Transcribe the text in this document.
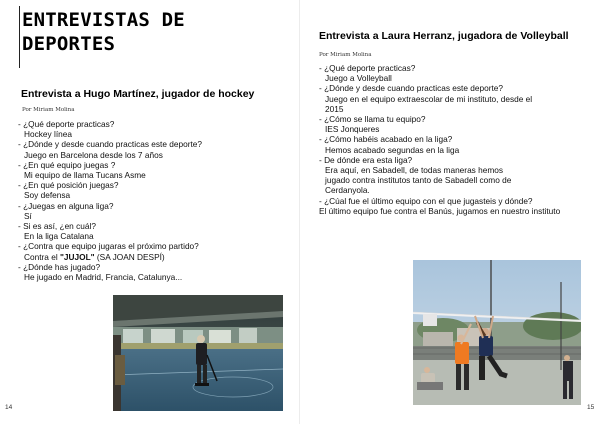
ENTREVISTAS DE DEPORTES
Entrevista a Hugo Martínez, jugador de hockey
Por Miriam Molina
- ¿Qué deporte practicas?
Hockey línea
- ¿Dónde y desde cuando practicas este deporte?
Juego en Barcelona desde los 7 años
- ¿En qué equipo juegas ?
Mi equipo de llama Tucans Asme
- ¿En qué posición juegas?
Soy defensa
- ¿Juegas en alguna liga?
Sí
- Si es así, ¿en cuál?
En la liga Catalana
- ¿Contra que equipo jugaras el próximo partido?
Contra el "JUJOL" (SA JOAN DESPÍ)
- ¿Dónde has jugado?
He jugado en Madrid, Francia, Catalunya...
14
Entrevista a Laura Herranz, jugadora de Volleyball
Por Miriam Molina
- ¿Qué deporte practicas?
Juego a Volleyball
- ¿Dónde y desde cuando practicas este deporte?
Juego en el equipo extraescolar de mi instituto, desde el 2015
- ¿Cómo se llama tu equipo?
IES Jonqueres
- ¿Cómo habéis acabado en la liga?
Hemos acabado segundas en la liga
- De dónde era esta liga?
Era aquí, en Sabadell, de todas maneras hemos jugado contra institutos tanto de Sabadell como de Cerdanyola.
- ¿Cúal fue el último equipo con el que jugasteis y dónde?
El último equipo fue contra el Banús, jugamos en nuestro instituto
15
